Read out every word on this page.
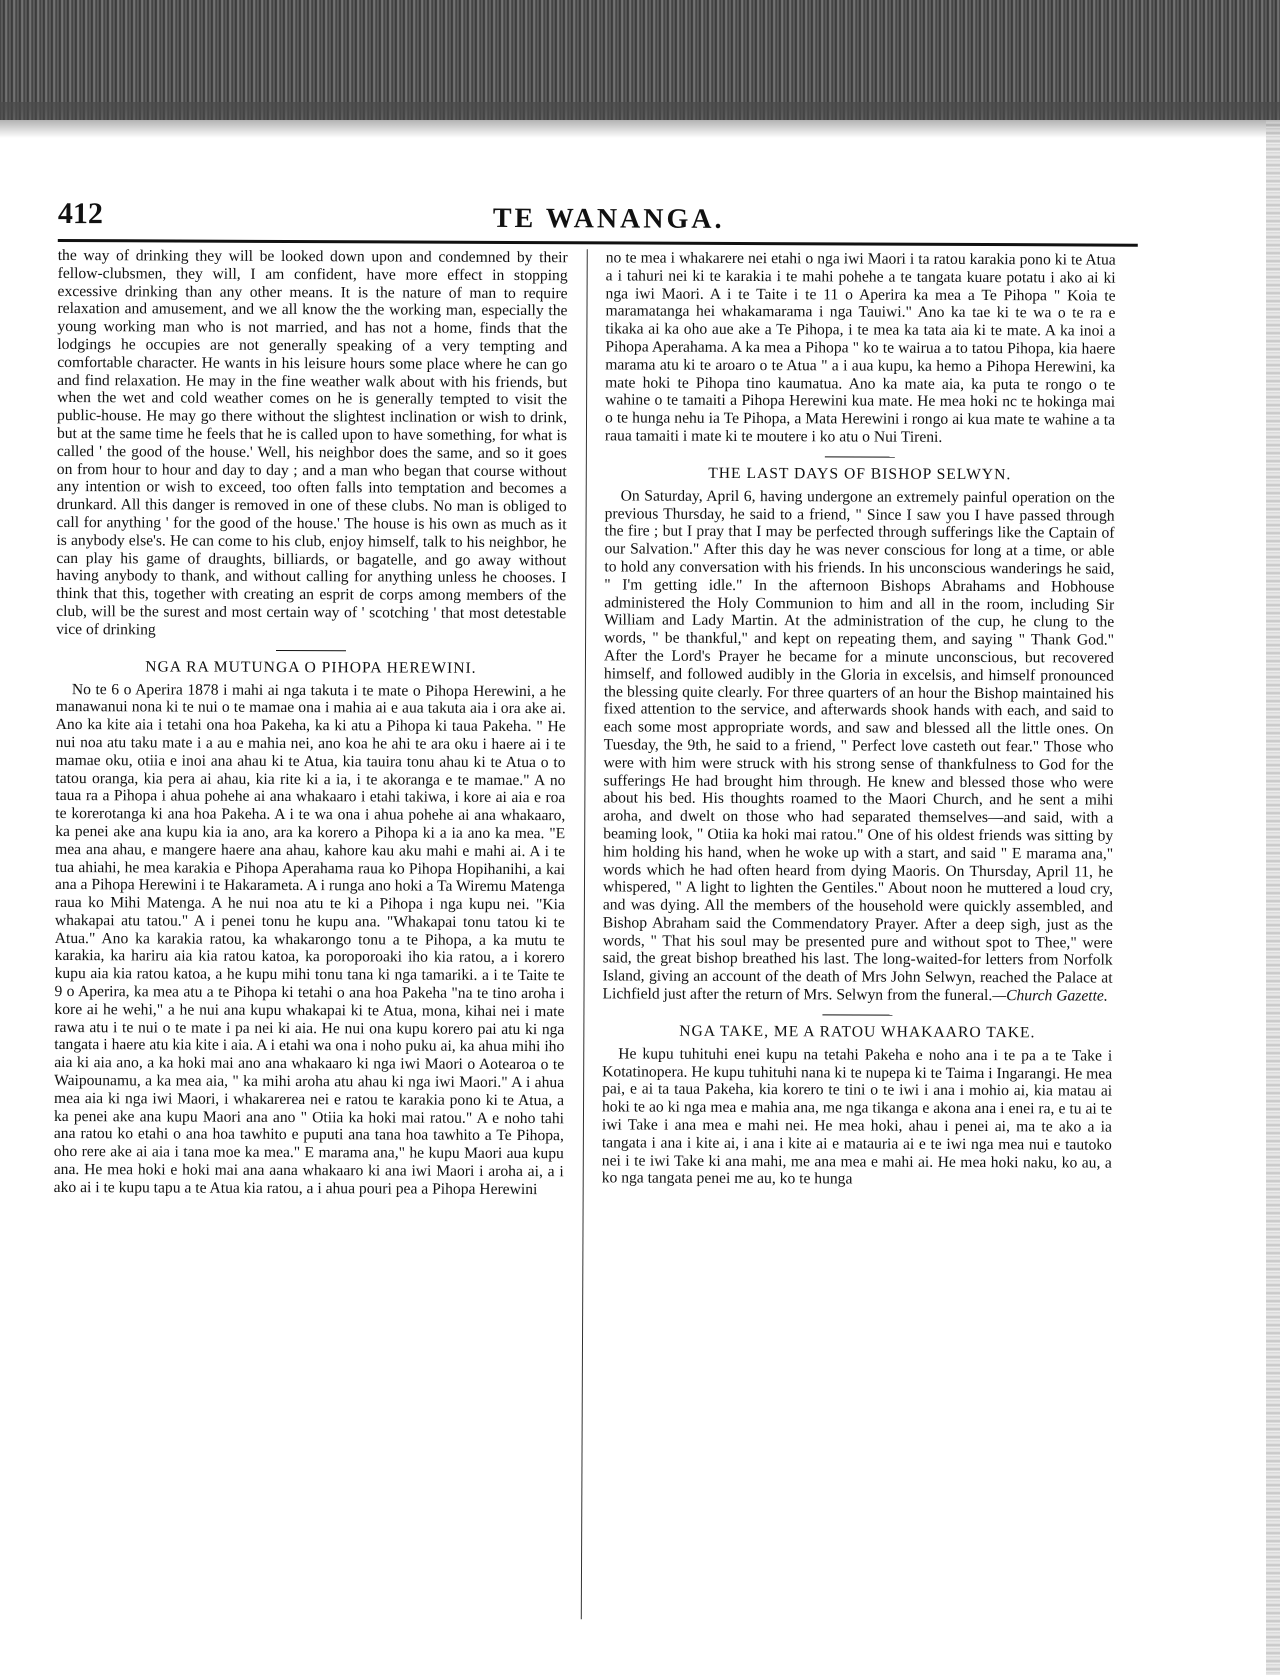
412	TE WANANGA.

the way of drinking they will be looked down upon and condemned by their fellow-clubsmen, they will, I am confident, have more effect in stopping excessive drinking than any other means. It is the nature of man to require relaxation and amusement, and we all know the the working man, especially the young working man who is not married, and has not a home, finds that the lodgings he occupies are not generally speaking of a very tempting and comfortable character. He wants in his leisure hours some place where he can go and find relaxation. He may in the fine weather walk about with his friends, but when the wet and cold weather comes on he is generally tempted to visit the public-house. He may go there without the slightest inclination or wish to drink, but at the same time he feels that he is called upon to have something, for what is called ' the good of the house.' Well, his neighbor does the same, and so it goes on from hour to hour and day to day ; and a man who began that course without any intention or wish to exceed, too often falls into temptation and becomes a drunkard. All this danger is removed in one of these clubs. No man is obliged to call for anything ' for the good of the house.' The house is his own as much as it is anybody else's. He can come to his club, enjoy himself, talk to his neighbor, he can play his game of draughts, billiards, or bagatelle, and go away without having anybody to thank, and without calling for anything unless he chooses. I think that this, together with creating an esprit de corps among members of the club, will be the surest and most certain way of ' scotching ' that most detestable vice of drinking

NGA RA MUTUNGA O PIHOPA HEREWINI.

No te 6 o Aperira 1878 i mahi ai nga takuta i te mate o Pihopa Herewini, a he manawanui nona ki te nui o te mamae ona i mahia ai e aua takuta aia i ora ake ai. Ano ka kite aia i tetahi ona hoa Pakeha, ka ki atu a Pihopa ki taua Pakeha. " He nui noa atu taku mate i a au e mahia nei, ano koa he ahi te ara oku i haere ai i te mamae oku, otiia e inoi ana ahau ki te Atua, kia tauira tonu ahau ki te Atua o to tatou oranga, kia pera ai ahau, kia rite ki a ia, i te akoranga e te mamae." A no taua ra a Pihopa i ahua pohehe ai ana whakaaro i etahi takiwa, i kore ai aia e roa te korerotanga ki ana hoa Pakeha. A i te wa ona i ahua pohehe ai ana whakaaro, ka penei ake ana kupu kia ia ano, ara ka korero a Pihopa ki a ia ano ka mea. "E mea ana ahau, e mangere haere ana ahau, kahore kau aku mahi e mahi ai. A i te tua ahiahi, he mea karakia e Pihopa Aperahama raua ko Pihopa Hopihanihi, a kai ana a Pihopa Herewini i te Hakarameta. A i runga ano hoki a Ta Wiremu Matenga raua ko Mihi Matenga. A he nui noa atu te ki a Pihopa i nga kupu nei. "Kia whakapai atu tatou." A i penei tonu he kupu ana. "Whakapai tonu tatou ki te Atua." Ano ka karakia ratou, ka whakarongo tonu a te Pihopa, a ka mutu te karakia, ka hariru aia kia ratou katoa, ka poroporoaki iho kia ratou, a i korero kupu aia kia ratou katoa, a he kupu mihi tonu tana ki nga tamariki. a i te Taite te 9 o Aperira, ka mea atu a te Pihopa ki tetahi o ana hoa Pakeha "na te tino aroha i kore ai he wehi," a he nui ana kupu whakapai ki te Atua, mona, kihai nei i mate rawa atu i te nui o te mate i pa nei ki aia. He nui ona kupu korero pai atu ki nga tangata i haere atu kia kite i aia. A i etahi wa ona i noho puku ai, ka ahua mihi iho aia ki aia ano, a ka hoki mai ano ana whakaaro ki nga iwi Maori o Aotearoa o te Waipounamu, a ka mea aia, " ka mihi aroha atu ahau ki nga iwi Maori." A i ahua mea aia ki nga iwi Maori, i whakarerea nei e ratou te karakia pono ki te Atua, a ka penei ake ana kupu Maori ana ano " Otiia ka hoki mai ratou." A e noho tahi ana ratou ko etahi o ana hoa tawhito e puputi ana tana hoa tawhito a Te Pihopa, oho rere ake ai aia i tana moe ka mea." E marama ana," he kupu Maori aua kupu ana. He mea hoki e hoki mai ana aana whakaaro ki ana iwi Maori i aroha ai, a i ako ai i te kupu tapu a te Atua kia ratou, a i ahua pouri pea a Pihopa Herewini

no te mea i whakarere nei etahi o nga iwi Maori i ta ratou karakia pono ki te Atua a i tahuri nei ki te karakia i te mahi pohehe a te tangata kuare potatu i ako ai ki nga iwi Maori. A i te Taite i te 11 o Aperira ka mea a Te Pihopa " Koia te maramatanga hei whakamarama i nga Tauiwi." Ano ka tae ki te wa o te ra e tikaka ai ka oho aue ake a Te Pihopa, i te mea ka tata aia ki te mate. A ka inoi a Pihopa Aperahama. A ka mea a Pihopa " ko te wairua a to tatou Pihopa, kia haere marama atu ki te aroaro o te Atua " a i aua kupu, ka hemo a Pihopa Herewini, ka mate hoki te Pihopa tino kaumatua. Ano ka mate aia, ka puta te rongo o te wahine o te tamaiti a Pihopa Herewini kua mate. He mea hoki nc te hokinga mai o te hunga nehu ia Te Pihopa, a Mata Herewini i rongo ai kua mate te wahine a ta raua tamaiti i mate ki te moutere i ko atu o Nui Tireni.

THE LAST DAYS OF BISHOP SELWYN.

On Saturday, April 6, having undergone an extremely painful operation on the previous Thursday, he said to a friend, " Since I saw you I have passed through the fire ; but I pray that I may be perfected through sufferings like the Captain of our Salvation." After this day he was never conscious for long at a time, or able to hold any conversation with his friends. In his unconscious wanderings he said, " I'm getting idle." In the afternoon Bishops Abrahams and Hobhouse administered the Holy Communion to him and all in the room, including Sir William and Lady Martin. At the administration of the cup, he clung to the words, " be thankful," and kept on repeating them, and saying " Thank God." After the Lord's Prayer he became for a minute unconscious, but recovered himself, and followed audibly in the Gloria in excelsis, and himself pronounced the blessing quite clearly. For three quarters of an hour the Bishop maintained his fixed attention to the service, and afterwards shook hands with each, and said to each some most appropriate words, and saw and blessed all the little ones. On Tuesday, the 9th, he said to a friend, " Perfect love casteth out fear." Those who were with him were struck with his strong sense of thankfulness to God for the sufferings He had brought him through. He knew and blessed those who were about his bed. His thoughts roamed to the Maori Church, and he sent a mihi aroha, and dwelt on those who had separated themselves—and said, with a beaming look, " Otiia ka hoki mai ratou." One of his oldest friends was sitting by him holding his hand, when he woke up with a start, and said " E marama ana," words which he had often heard from dying Maoris. On Thursday, April 11, he whispered, " A light to lighten the Gentiles." About noon he muttered a loud cry, and was dying. All the members of the household were quickly assembled, and Bishop Abraham said the Commendatory Prayer. After a deep sigh, just as the words, " That his soul may be presented pure and without spot to Thee," were said, the great bishop breathed his last. The long-waited-for letters from Norfolk Island, giving an account of the death of Mrs John Selwyn, reached the Palace at Lichfield just after the return of Mrs. Selwyn from the funeral.—Church Gazette.

NGA TAKE, ME A RATOU WHAKAARO TAKE.

He kupu tuhituhi enei kupu na tetahi Pakeha e noho ana i te pa a te Take i Kotatinopera. He kupu tuhituhi nana ki te nupepa ki te Taima i Ingarangi. He mea pai, e ai ta taua Pakeha, kia korero te tini o te iwi i ana i mohio ai, kia matau ai hoki te ao ki nga mea e mahia ana, me nga tikanga e akona ana i enei ra, e tu ai te iwi Take i ana mea e mahi nei. He mea hoki, ahau i penei ai, ma te ako a ia tangata i ana i kite ai, i ana i kite ai e matauria ai e te iwi nga mea nui e tautoko nei i te iwi Take ki ana mahi, me ana mea e mahi ai. He mea hoki naku, ko au, a ko nga tangata penei me au, ko te hunga
